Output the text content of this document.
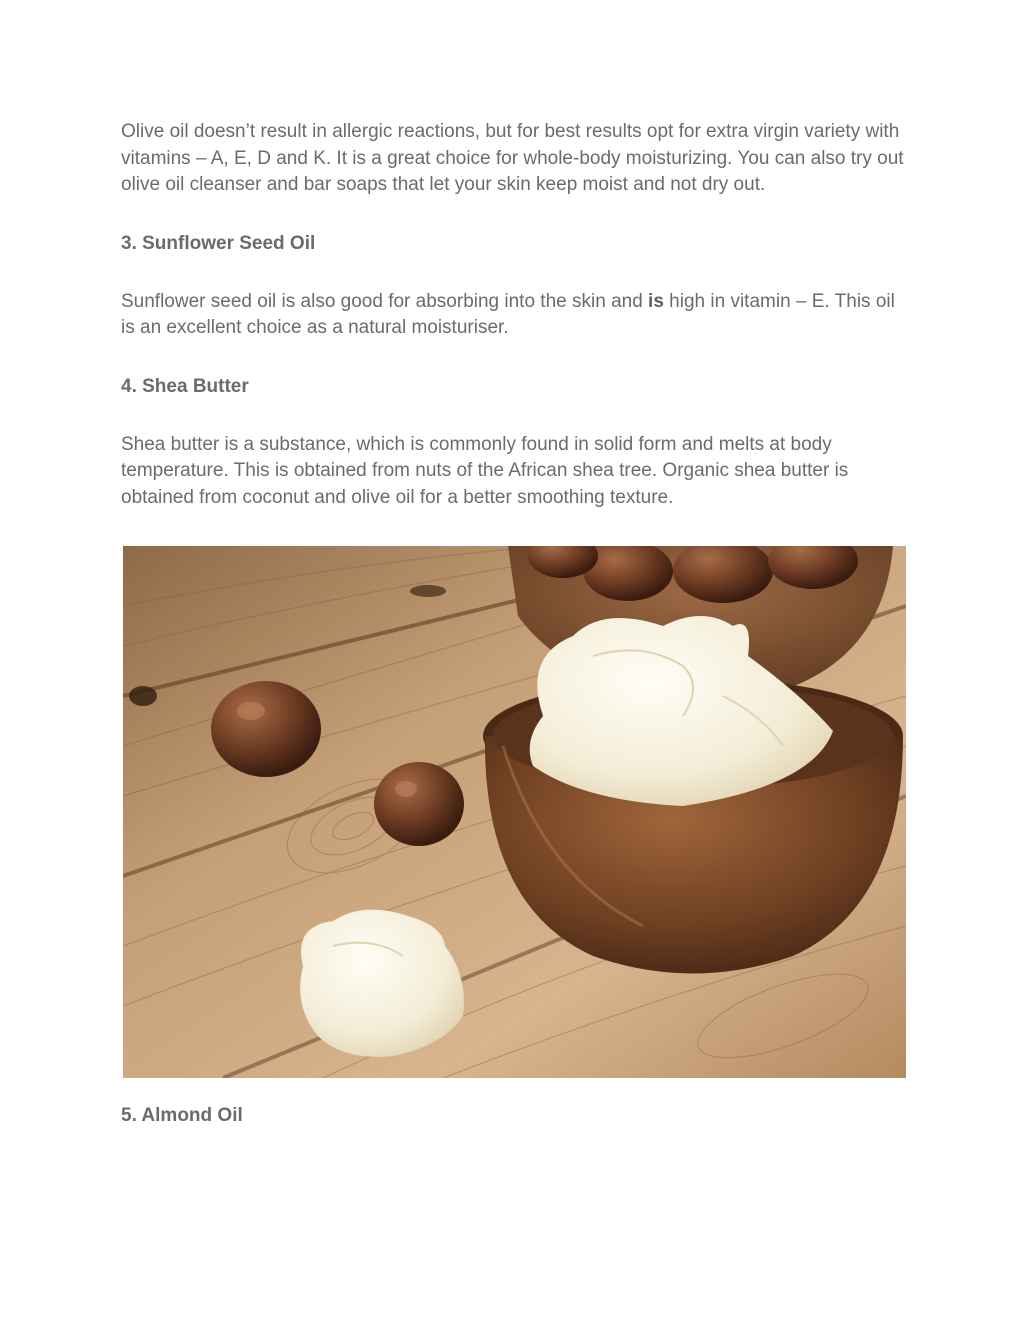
Olive oil doesn’t result in allergic reactions, but for best results opt for extra virgin variety with vitamins – A, E, D and K. It is a great choice for whole-body moisturizing. You can also try out olive oil cleanser and bar soaps that let your skin keep moist and not dry out.

3. Sunflower Seed Oil

Sunflower seed oil is also good for absorbing into the skin and is high in vitamin – E. This oil is an excellent choice as a natural moisturiser.

4. Shea Butter

Shea butter is a substance, which is commonly found in solid form and melts at body temperature. This is obtained from nuts of the African shea tree. Organic shea butter is obtained from coconut and olive oil for a better smoothing texture.

5. Almond Oil
